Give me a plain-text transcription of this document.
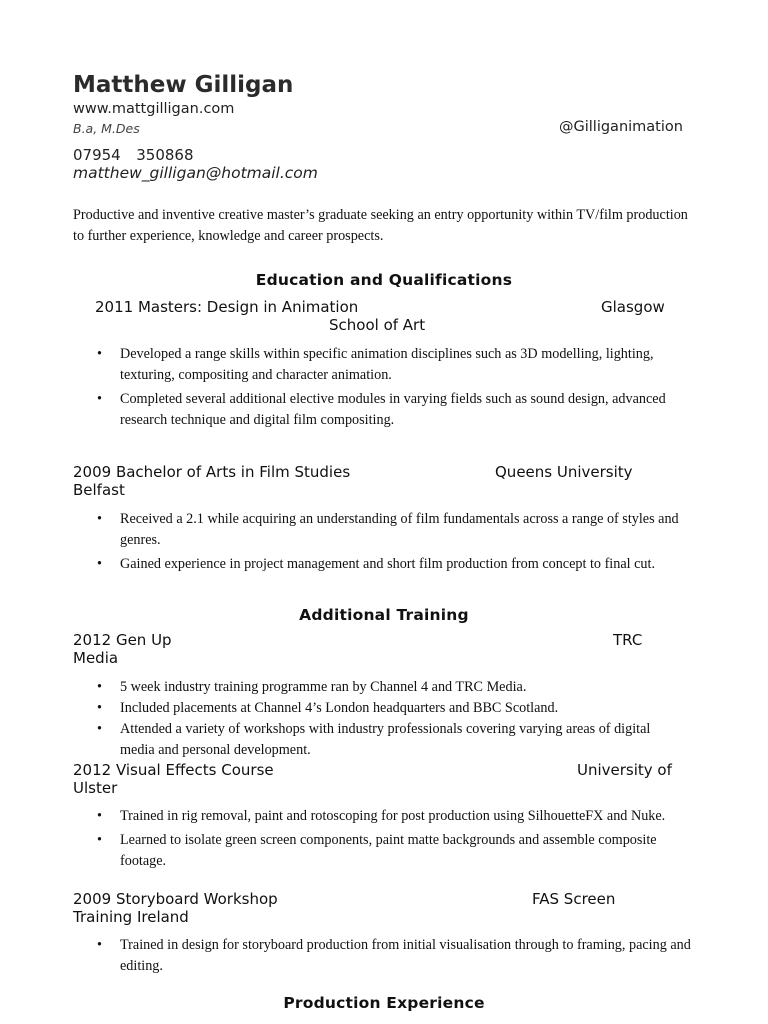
Matthew Gilligan
www.mattgilligan.com
B.a, M.Des	@Gilliganimation
07954  350868
matthew_gilligan@hotmail.com
Productive and inventive creative master’s graduate seeking an entry opportunity within TV/film production to further experience, knowledge and career prospects.
Education and Qualifications
2011 Masters: Design in Animation	Glasgow
School of Art
• Developed a range skills within specific animation disciplines such as 3D modelling, lighting, texturing, compositing and character animation.
• Completed several additional elective modules in varying fields such as sound design, advanced research technique and digital film compositing.
2009 Bachelor of Arts in Film Studies	Queens University
Belfast
• Received a 2.1 while acquiring an understanding of film fundamentals across a range of styles and genres.
• Gained experience in project management and short film production from concept to final cut.
Additional Training
2012 Gen Up	TRC
Media
• 5 week industry training programme ran by Channel 4 and TRC Media.
• Included placements at Channel 4’s London headquarters and BBC Scotland.
• Attended a variety of workshops with industry professionals covering varying areas of digital media and personal development.
2012 Visual Effects Course	University of
Ulster
• Trained in rig removal, paint and rotoscoping for post production using SilhouetteFX and Nuke.
• Learned to isolate green screen components, paint matte backgrounds and assemble composite footage.
2009 Storyboard Workshop	FAS Screen
Training Ireland
• Trained in design for storyboard production from initial visualisation through to framing, pacing and editing.
Production Experience
